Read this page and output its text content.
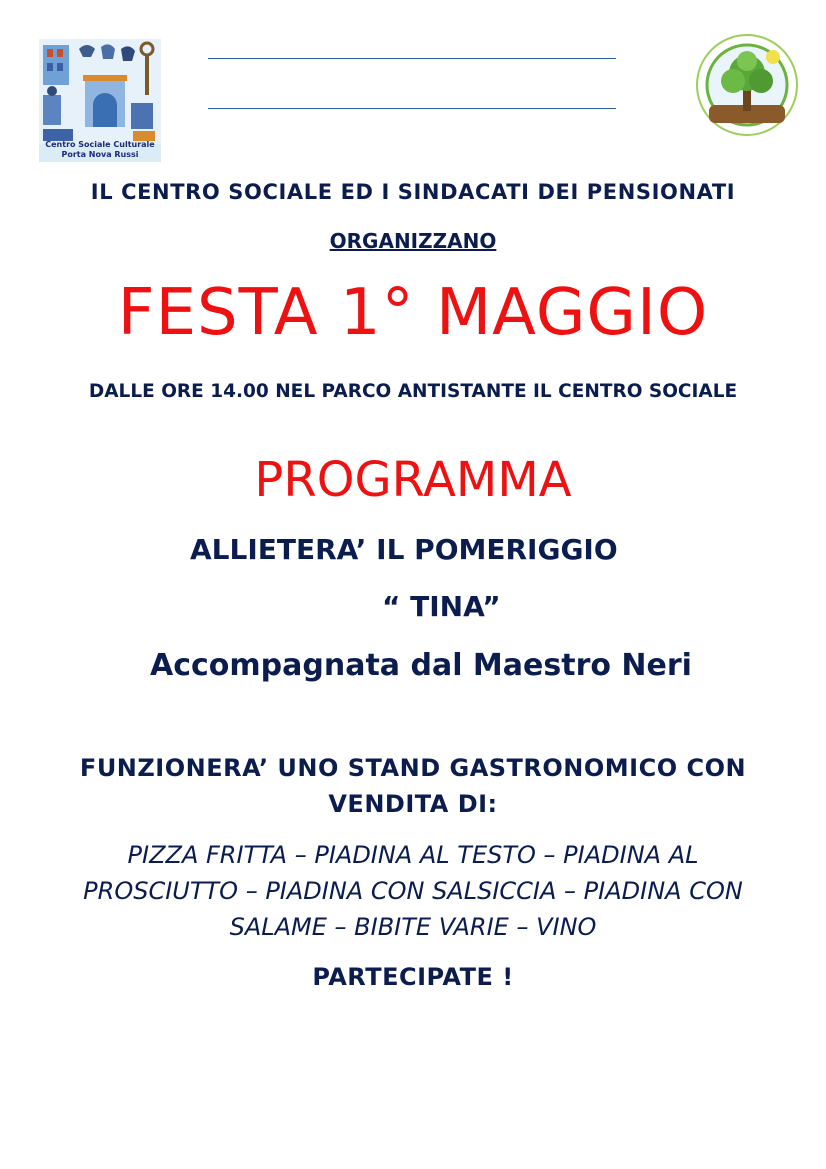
Centro Sociale Culturale
Porta Nova Russi
IL CENTRO SOCIALE ED I SINDACATI DEI PENSIONATI
ORGANIZZANO
FESTA 1° MAGGIO
DALLE ORE 14.00 NEL PARCO ANTISTANTE IL CENTRO SOCIALE
PROGRAMMA
ALLIETERA’ IL POMERIGGIO
“ TINA”
Accompagnata dal Maestro Neri
FUNZIONERA’ UNO STAND GASTRONOMICO CON VENDITA DI:
PIZZA FRITTA – PIADINA AL TESTO – PIADINA AL PROSCIUTTO – PIADINA CON SALSICCIA – PIADINA CON SALAME – BIBITE VARIE – VINO
PARTECIPATE !
